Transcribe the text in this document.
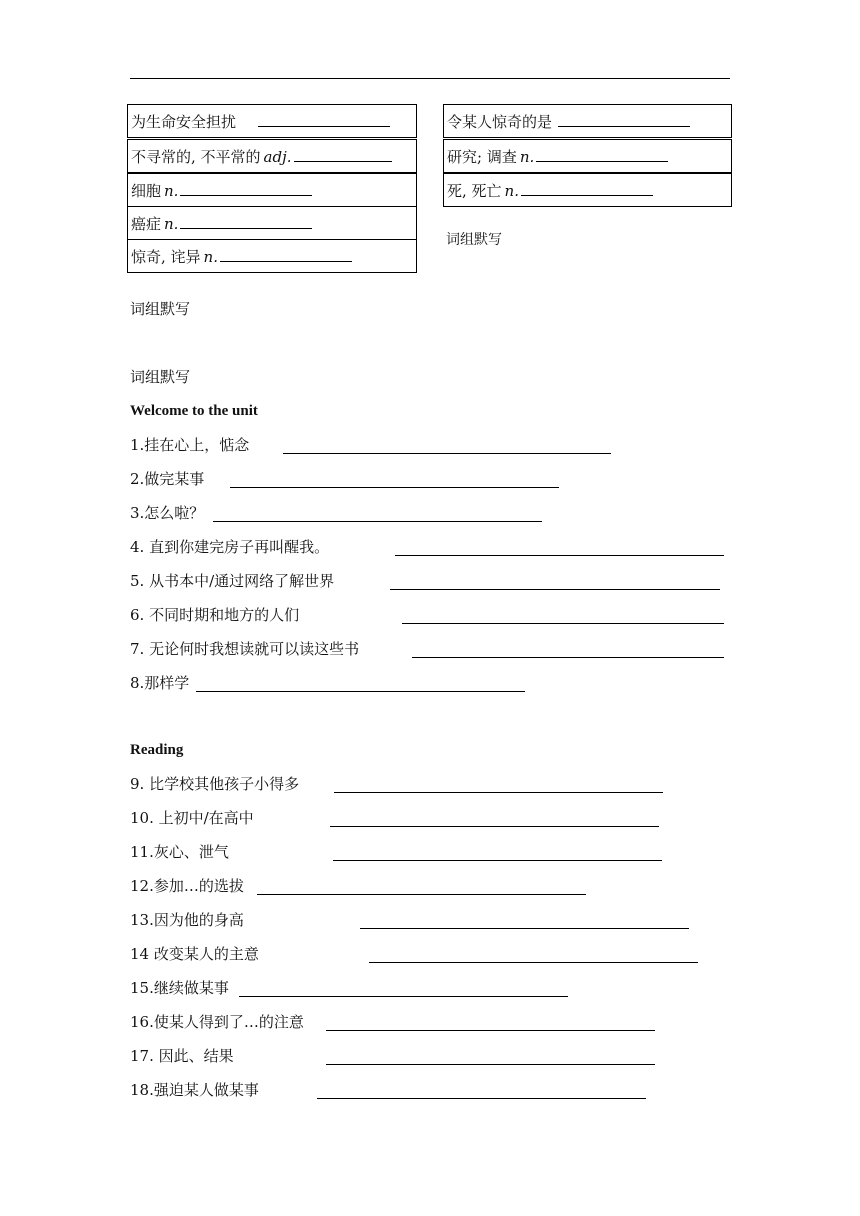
为生命安全担扰
不寻常的, 不平常的 adj.
细胞 n.
癌症 n.
惊奇, 诧异 n.
令某人惊奇的是
研究; 调查 n.
死, 死亡 n.
词组默写
词组默写
词组默写
Welcome to the unit
1.挂在心上，惦念
2.做完某事
3.怎么啦？
4. 直到你建完房子再叫醒我。
5. 从书本中/通过网络了解世界
6. 不同时期和地方的人们
7. 无论何时我想读就可以读这些书
8.那样学
Reading
9. 比学校其他孩子小得多
10. 上初中/在高中
11.灰心、泄气
12.参加…的选拔
13.因为他的身高
14 改变某人的主意
15.继续做某事
16.使某人得到了…的注意
17. 因此、结果
18.强迫某人做某事
